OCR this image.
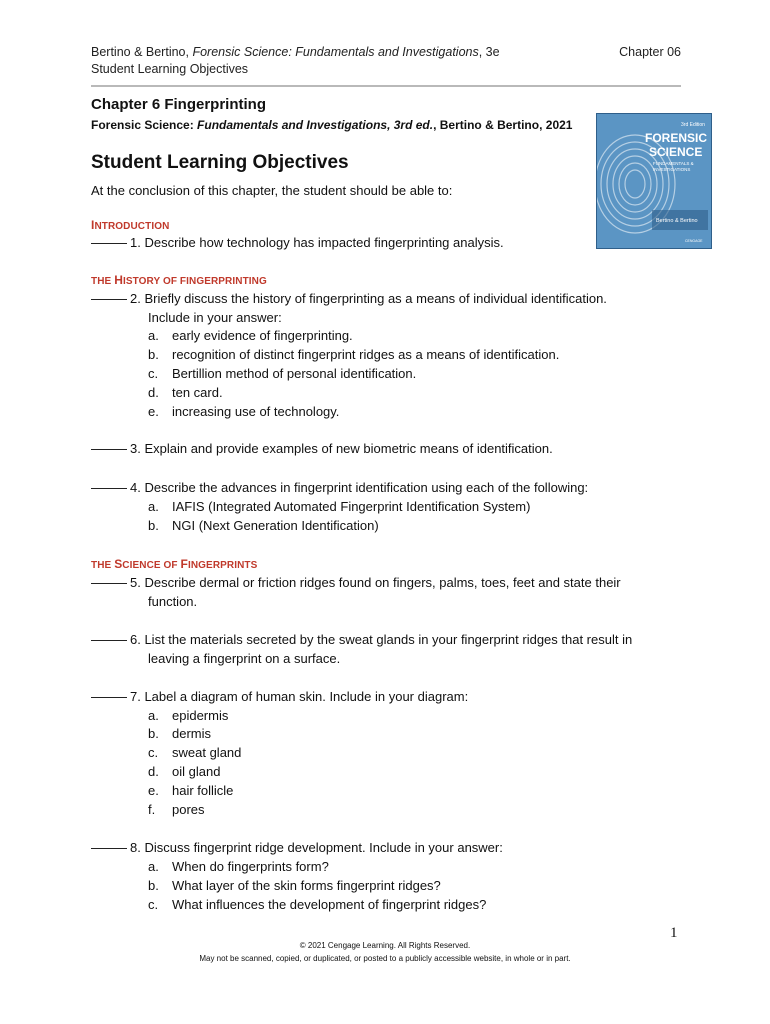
Bertino & Bertino, Forensic Science: Fundamentals and Investigations, 3e
Student Learning Objectives
Chapter 06
Chapter 6 Fingerprinting
Forensic Science: Fundamentals and Investigations, 3rd ed., Bertino & Bertino, 2021	3rd Edition
FORENSIC
SCIENCE
FUNDAMENTALS &
INVESTIGATIONS
Bertino & Bertino
CENGAGE
Student Learning Objectives
At the conclusion of this chapter, the student should be able to:
INTRODUCTION
1. Describe how technology has impacted fingerprinting analysis.
THE HISTORY OF FINGERPRINTING
2. Briefly discuss the history of fingerprinting as a means of individual identification.
Include in your answer:
a. early evidence of fingerprinting.
b. recognition of distinct fingerprint ridges as a means of identification.
c. Bertillion method of personal identification.
d. ten card.
e. increasing use of technology.
3. Explain and provide examples of new biometric means of identification.
4. Describe the advances in fingerprint identification using each of the following:
a. IAFIS (Integrated Automated Fingerprint Identification System)
b. NGI (Next Generation Identification)
THE SCIENCE OF FINGERPRINTS
5. Describe dermal or friction ridges found on fingers, palms, toes, feet and state their
function.
6. List the materials secreted by the sweat glands in your fingerprint ridges that result in
leaving a fingerprint on a surface.
7. Label a diagram of human skin. Include in your diagram:
a. epidermis
b. dermis
c. sweat gland
d. oil gland
e. hair follicle
f. pores
8. Discuss fingerprint ridge development. Include in your answer:
a. When do fingerprints form?
b. What layer of the skin forms fingerprint ridges?
c. What influences the development of fingerprint ridges?
1
© 2021 Cengage Learning. All Rights Reserved.
May not be scanned, copied, or duplicated, or posted to a publicly accessible website, in whole or in part.
